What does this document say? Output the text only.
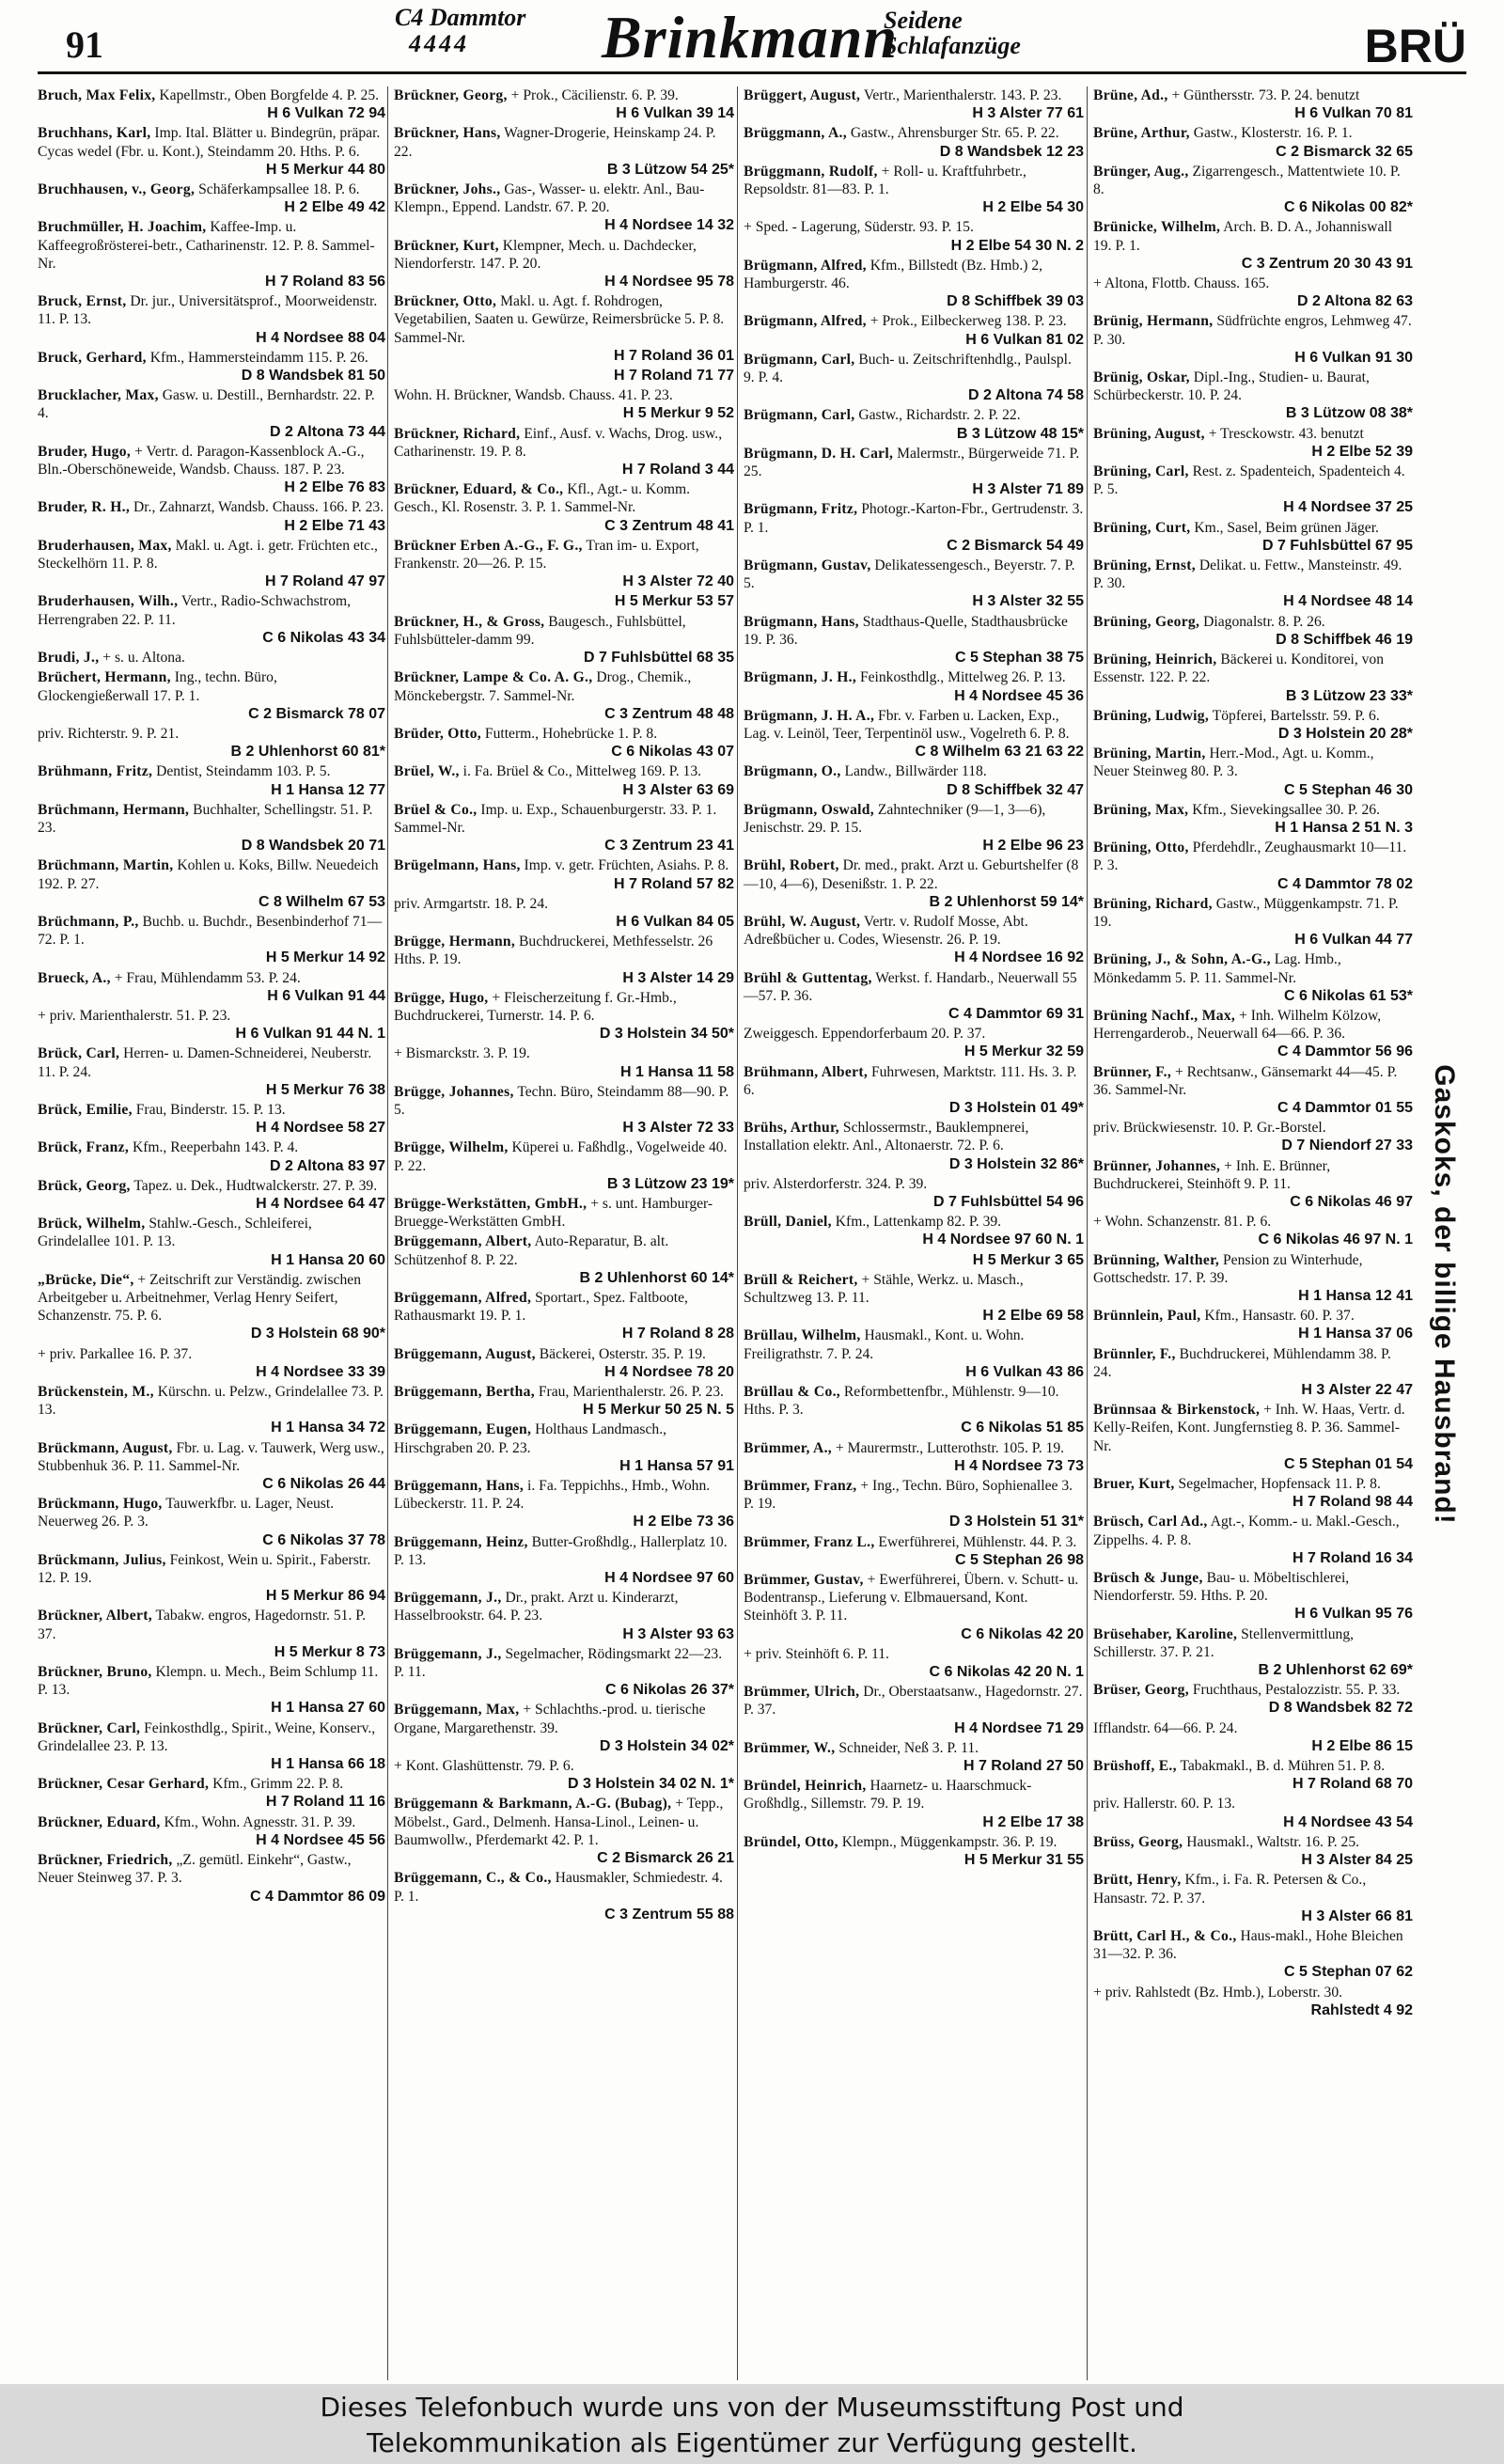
91
C4 Dammtor
4444 Brinkmann
Seidene
Schlafanzüge	BRÜ
Bruch, Max Felix, Kapellmstr., Oben Borgfelde 4. P. 25.
H 6 Vulkan 72 94
Bruchhans, Karl, Imp. Ital. Blätter u. Bindegrün, präpar. Cycas wedel (Fbr. u. Kont.), Steindamm 20. Hths. P. 6.
H 5 Merkur 44 80
Bruchhausen, v., Georg, Schäferkampsallee 18. P. 6.
H 2 Elbe 49 42
Bruchmüller, H. Joachim, Kaffee-Imp. u. Kaffeegroßrösterei-betr., Catharinenstr. 12. P. 8. Sammel-Nr.
H 7 Roland 83 56
Bruck, Ernst, Dr. jur., Universitätsprof., Moorweidenstr. 11. P. 13.
H 4 Nordsee 88 04
Bruck, Gerhard, Kfm., Hammersteindamm 115. P. 26.
D 8 Wandsbek 81 50
Brucklacher, Max, Gasw. u. Destill., Bernhardstr. 22. P. 4.
D 2 Altona 73 44
Bruder, Hugo, + Vertr. d. Paragon-Kassenblock A.-G., Bln.-Oberschöneweide, Wandsb. Chauss. 187. P. 23.
H 2 Elbe 76 83
Bruder, R. H., Dr., Zahnarzt, Wandsb. Chauss. 166. P. 23.
H 2 Elbe 71 43
Bruderhausen, Max, Makl. u. Agt. i. getr. Früchten etc., Steckelhörn 11. P. 8.
H 7 Roland 47 97
Bruderhausen, Wilh., Vertr., Radio-Schwachstrom, Herrengraben 22. P. 11.
C 6 Nikolas 43 34
Brudi, J., + s. u. Altona.
Brüchert, Hermann, Ing., techn. Büro, Glockengießerwall 17. P. 1.
C 2 Bismarck 78 07
priv. Richterstr. 9. P. 21.
B 2 Uhlenhorst 60 81*
Brühmann, Fritz, Dentist, Steindamm 103. P. 5.
H 1 Hansa 12 77
Brüchmann, Hermann, Buchhalter, Schellingstr. 51. P. 23.
D 8 Wandsbek 20 71
Brüchmann, Martin, Kohlen u. Koks, Billw. Neuedeich 192. P. 27.
C 8 Wilhelm 67 53
Brüchmann, P., Buchb. u. Buchdr., Besenbinderhof 71—72. P. 1.
H 5 Merkur 14 92
Brueck, A., + Frau, Mühlendamm 53. P. 24.
H 6 Vulkan 91 44
+ priv. Marienthalerstr. 51. P. 23.
H 6 Vulkan 91 44 N. 1
Brück, Carl, Herren- u. Damen-Schneiderei, Neuberstr. 11. P. 24.
H 5 Merkur 76 38
Brück, Emilie, Frau, Binderstr. 15. P. 13.
H 4 Nordsee 58 27
Brück, Franz, Kfm., Reeperbahn 143. P. 4.
D 2 Altona 83 97
Brück, Georg, Tapez. u. Dek., Hudtwalckerstr. 27. P. 39.
H 4 Nordsee 64 47
Brück, Wilhelm, Stahlw.-Gesch., Schleiferei, Grindelallee 101. P. 13.
H 1 Hansa 20 60
„Brücke, Die“, + Zeitschrift zur Verständig. zwischen Arbeitgeber u. Arbeitnehmer, Verlag Henry Seifert, Schanzenstr. 75. P. 6.
D 3 Holstein 68 90*
+ priv. Parkallee 16. P. 37.
H 4 Nordsee 33 39
Brückenstein, M., Kürschn. u. Pelzw., Grindelallee 73. P. 13.
H 1 Hansa 34 72
Brückmann, August, Fbr. u. Lag. v. Tauwerk, Werg usw., Stubbenhuk 36. P. 11. Sammel-Nr.
C 6 Nikolas 26 44
Brückmann, Hugo, Tauwerkfbr. u. Lager, Neust. Neuerweg 26. P. 3.
C 6 Nikolas 37 78
Brückmann, Julius, Feinkost, Wein u. Spirit., Faberstr. 12. P. 19.
H 5 Merkur 86 94
Brückner, Albert, Tabakw. engros, Hagedornstr. 51. P. 37.
H 5 Merkur 8 73
Brückner, Bruno, Klempn. u. Mech., Beim Schlump 11. P. 13.
H 1 Hansa 27 60
Brückner, Carl, Feinkosthdlg., Spirit., Weine, Konserv., Grindelallee 23. P. 13.
H 1 Hansa 66 18
Brückner, Cesar Gerhard, Kfm., Grimm 22. P. 8.
H 7 Roland 11 16
Brückner, Eduard, Kfm., Wohn. Agnesstr. 31. P. 39.
H 4 Nordsee 45 56
Brückner, Friedrich, „Z. gemütl. Einkehr“, Gastw., Neuer Steinweg 37. P. 3.
C 4 Dammtor 86 09
Brückner, Georg, + Prok., Cäcilienstr. 6. P. 39.
H 6 Vulkan 39 14
Brückner, Hans, Wagner-Drogerie, Heinskamp 24. P. 22.
B 3 Lützow 54 25*
Brückner, Johs., Gas-, Wasser- u. elektr. Anl., Bau-Klempn., Eppend. Landstr. 67. P. 20.
H 4 Nordsee 14 32
Brückner, Kurt, Klempner, Mech. u. Dachdecker, Niendorferstr. 147. P. 20.
H 4 Nordsee 95 78
Brückner, Otto, Makl. u. Agt. f. Rohdrogen, Vegetabilien, Saaten u. Gewürze, Reimersbrücke 5. P. 8. Sammel-Nr.
H 7 Roland 36 01
H 7 Roland 71 77
Wohn. H. Brückner, Wandsb. Chauss. 41. P. 23.
H 5 Merkur 9 52
Brückner, Richard, Einf., Ausf. v. Wachs, Drog. usw., Catharinenstr. 19. P. 8.
H 7 Roland 3 44
Brückner, Eduard, & Co., Kfl., Agt.- u. Komm. Gesch., Kl. Rosenstr. 3. P. 1. Sammel-Nr.
C 3 Zentrum 48 41
Brückner Erben A.-G., F. G., Tran im- u. Export, Frankenstr. 20—26. P. 15.
H 3 Alster 72 40
H 5 Merkur 53 57
Brückner, H., & Gross, Baugesch., Fuhlsbüttel, Fuhlsbütteler-damm 99.
D 7 Fuhlsbüttel 68 35
Brückner, Lampe & Co. A. G., Drog., Chemik., Mönckebergstr. 7. Sammel-Nr.
C 3 Zentrum 48 48
Brüder, Otto, Futterm., Hohebrücke 1. P. 8.
C 6 Nikolas 43 07
Brüel, W., i. Fa. Brüel & Co., Mittelweg 169. P. 13.
H 3 Alster 63 69
Brüel & Co., Imp. u. Exp., Schauenburgerstr. 33. P. 1. Sammel-Nr.
C 3 Zentrum 23 41
Brügelmann, Hans, Imp. v. getr. Früchten, Asiahs. P. 8.
H 7 Roland 57 82
priv. Armgartstr. 18. P. 24.
H 6 Vulkan 84 05
Brügge, Hermann, Buchdruckerei, Methfesselstr. 26 Hths. P. 19.
H 3 Alster 14 29
Brügge, Hugo, + Fleischerzeitung f. Gr.-Hmb., Buchdruckerei, Turnerstr. 14. P. 6.
D 3 Holstein 34 50*
+ Bismarckstr. 3. P. 19.
H 1 Hansa 11 58
Brügge, Johannes, Techn. Büro, Steindamm 88—90. P. 5.
H 3 Alster 72 33
Brügge, Wilhelm, Küperei u. Faßhdlg., Vogelweide 40. P. 22.
B 3 Lützow 23 19*
Brügge-Werkstätten, GmbH., + s. unt. Hamburger-Bruegge-Werkstätten GmbH.
Brüggemann, Albert, Auto-Reparatur, B. alt. Schützenhof 8. P. 22.
B 2 Uhlenhorst 60 14*
Brüggemann, Alfred, Sportart., Spez. Faltboote, Rathausmarkt 19. P. 1.
H 7 Roland 8 28
Brüggemann, August, Bäckerei, Osterstr. 35. P. 19.
H 4 Nordsee 78 20
Brüggemann, Bertha, Frau, Marienthalerstr. 26. P. 23.
H 5 Merkur 50 25 N. 5
Brüggemann, Eugen, Holthaus Landmasch., Hirschgraben 20. P. 23.
H 1 Hansa 57 91
Brüggemann, Hans, i. Fa. Teppichhs., Hmb., Wohn. Lübeckerstr. 11. P. 24.
H 2 Elbe 73 36
Brüggemann, Heinz, Butter-Großhdlg., Hallerplatz 10. P. 13.
H 4 Nordsee 97 60
Brüggemann, J., Dr., prakt. Arzt u. Kinderarzt, Hasselbrookstr. 64. P. 23.
H 3 Alster 93 63
Brüggemann, J., Segelmacher, Rödingsmarkt 22—23. P. 11.
C 6 Nikolas 26 37*
Brüggemann, Max, + Schlachths.-prod. u. tierische Organe, Margarethenstr. 39.
D 3 Holstein 34 02*
+ Kont. Glashüttenstr. 79. P. 6.
D 3 Holstein 34 02 N. 1*
Brüggemann & Barkmann, A.-G. (Bubag), + Tepp., Möbelst., Gard., Delmenh. Hansa-Linol., Leinen- u. Baumwollw., Pferdemarkt 42. P. 1.
C 2 Bismarck 26 21
Brüggemann, C., & Co., Hausmakler, Schmiedestr. 4. P. 1.
C 3 Zentrum 55 88
Brüggert, August, Vertr., Marienthalerstr. 143. P. 23.
H 3 Alster 77 61
Brüggmann, A., Gastw., Ahrensburger Str. 65. P. 22.
D 8 Wandsbek 12 23
Brüggmann, Rudolf, + Roll- u. Kraftfuhrbetr., Repsoldstr. 81—83. P. 1.
H 2 Elbe 54 30
+ Sped. - Lagerung, Süderstr. 93. P. 15.
H 2 Elbe 54 30 N. 2
Brügmann, Alfred, Kfm., Billstedt (Bz. Hmb.) 2, Hamburgerstr. 46.
D 8 Schiffbek 39 03
Brügmann, Alfred, + Prok., Eilbeckerweg 138. P. 23.
H 6 Vulkan 81 02
Brügmann, Carl, Buch- u. Zeitschriftenhdlg., Paulspl. 9. P. 4.
D 2 Altona 74 58
Brügmann, Carl, Gastw., Richardstr. 2. P. 22.
B 3 Lützow 48 15*
Brügmann, D. H. Carl, Malermstr., Bürgerweide 71. P. 25.
H 3 Alster 71 89
Brügmann, Fritz, Photogr.-Karton-Fbr., Gertrudenstr. 3. P. 1.
C 2 Bismarck 54 49
Brügmann, Gustav, Delikatessengesch., Beyerstr. 7. P. 5.
H 3 Alster 32 55
Brügmann, Hans, Stadthaus-Quelle, Stadthausbrücke 19. P. 36.
C 5 Stephan 38 75
Brügmann, J. H., Feinkosthdlg., Mittelweg 26. P. 13.
H 4 Nordsee 45 36
Brügmann, J. H. A., Fbr. v. Farben u. Lacken, Exp., Lag. v. Leinöl, Teer, Terpentinöl usw., Vogelreth 6. P. 8.
C 8 Wilhelm 63 21 63 22
Brügmann, O., Landw., Billwärder 118.
D 8 Schiffbek 32 47
Brügmann, Oswald, Zahntechniker (9—1, 3—6), Jenischstr. 29. P. 15.
H 2 Elbe 96 23
Brühl, Robert, Dr. med., prakt. Arzt u. Geburtshelfer (8—10, 4—6), Desenißstr. 1. P. 22.
B 2 Uhlenhorst 59 14*
Brühl, W. August, Vertr. v. Rudolf Mosse, Abt. Adreßbücher u. Codes, Wiesenstr. 26. P. 19.
H 4 Nordsee 16 92
Brühl & Guttentag, Werkst. f. Handarb., Neuerwall 55—57. P. 36.
C 4 Dammtor 69 31
Zweiggesch. Eppendorferbaum 20. P. 37.
H 5 Merkur 32 59
Brühmann, Albert, Fuhrwesen, Marktstr. 111. Hs. 3. P. 6.
D 3 Holstein 01 49*
Brühs, Arthur, Schlossermstr., Bauklempnerei, Installation elektr. Anl., Altonaerstr. 72. P. 6.
D 3 Holstein 32 86*
priv. Alsterdorferstr. 324. P. 39.
D 7 Fuhlsbüttel 54 96
Brüll, Daniel, Kfm., Lattenkamp 82. P. 39.
H 4 Nordsee 97 60 N. 1
H 5 Merkur 3 65
Brüll & Reichert, + Stähle, Werkz. u. Masch., Schultzweg 13. P. 11.
H 2 Elbe 69 58
Brüllau, Wilhelm, Hausmakl., Kont. u. Wohn. Freiligrathstr. 7. P. 24.
H 6 Vulkan 43 86
Brüllau & Co., Reformbettenfbr., Mühlenstr. 9—10. Hths. P. 3.
C 6 Nikolas 51 85
Brümmer, A., + Maurermstr., Lutterothstr. 105. P. 19.
H 4 Nordsee 73 73
Brümmer, Franz, + Ing., Techn. Büro, Sophienallee 3. P. 19.
D 3 Holstein 51 31*
Brümmer, Franz L., Ewerführerei, Mühlenstr. 44. P. 3.
C 5 Stephan 26 98
Brümmer, Gustav, + Ewerführerei, Übern. v. Schutt- u. Bodentransp., Lieferung v. Elbmauersand, Kont. Steinhöft 3. P. 11.
C 6 Nikolas 42 20
+ priv. Steinhöft 6. P. 11.
C 6 Nikolas 42 20 N. 1
Brümmer, Ulrich, Dr., Oberstaatsanw., Hagedornstr. 27. P. 37.
H 4 Nordsee 71 29
Brümmer, W., Schneider, Neß 3. P. 11.
H 7 Roland 27 50
Bründel, Heinrich, Haarnetz- u. Haarschmuck-Großhdlg., Sillemstr. 79. P. 19.
H 2 Elbe 17 38
Bründel, Otto, Klempn., Müggenkampstr. 36. P. 19.
H 5 Merkur 31 55
Brüne, Ad., + Günthersstr. 73. P. 24. benutzt
H 6 Vulkan 70 81
Brüne, Arthur, Gastw., Klosterstr. 16. P. 1.
C 2 Bismarck 32 65
Brünger, Aug., Zigarrengesch., Mattentwiete 10. P. 8.
C 6 Nikolas 00 82*
Brünicke, Wilhelm, Arch. B. D. A., Johanniswall 19. P. 1.
C 3 Zentrum 20 30 43 91
+ Altona, Flottb. Chauss. 165.
D 2 Altona 82 63
Brünig, Hermann, Südfrüchte engros, Lehmweg 47. P. 30.
H 6 Vulkan 91 30
Brünig, Oskar, Dipl.-Ing., Studien- u. Baurat, Schürbeckerstr. 10. P. 24.
B 3 Lützow 08 38*
Brüning, August, + Tresckowstr. 43. benutzt
H 2 Elbe 52 39
Brüning, Carl, Rest. z. Spadenteich, Spadenteich 4. P. 5.
H 4 Nordsee 37 25
Brüning, Curt, Km., Sasel, Beim grünen Jäger.
D 7 Fuhlsbüttel 67 95
Brüning, Ernst, Delikat. u. Fettw., Mansteinstr. 49. P. 30.
H 4 Nordsee 48 14
Brüning, Georg, Diagonalstr. 8. P. 26.
D 8 Schiffbek 46 19
Brüning, Heinrich, Bäckerei u. Konditorei, von Essenstr. 122. P. 22.
B 3 Lützow 23 33*
Brüning, Ludwig, Töpferei, Bartelsstr. 59. P. 6.
D 3 Holstein 20 28*
Brüning, Martin, Herr.-Mod., Agt. u. Komm., Neuer Steinweg 80. P. 3.
C 5 Stephan 46 30
Brüning, Max, Kfm., Sievekingsallee 30. P. 26.
H 1 Hansa 2 51 N. 3
Brüning, Otto, Pferdehdlr., Zeughausmarkt 10—11. P. 3.
C 4 Dammtor 78 02
Brüning, Richard, Gastw., Müggenkampstr. 71. P. 19.
H 6 Vulkan 44 77
Brüning, J., & Sohn, A.-G., Lag. Hmb., Mönkedamm 5. P. 11. Sammel-Nr.
C 6 Nikolas 61 53*
Brüning Nachf., Max, + Inh. Wilhelm Kölzow, Herrengarderob., Neuerwall 64—66. P. 36.
C 4 Dammtor 56 96
Brünner, F., + Rechtsanw., Gänsemarkt 44—45. P. 36. Sammel-Nr.
C 4 Dammtor 01 55
priv. Brückwiesenstr. 10. P. Gr.-Borstel.
D 7 Niendorf 27 33
Brünner, Johannes, + Inh. E. Brünner, Buchdruckerei, Steinhöft 9. P. 11.
C 6 Nikolas 46 97
+ Wohn. Schanzenstr. 81. P. 6.
C 6 Nikolas 46 97 N. 1
Brünning, Walther, Pension zu Winterhude, Gottschedstr. 17. P. 39.
H 1 Hansa 12 41
Brünnlein, Paul, Kfm., Hansastr. 60. P. 37.
H 1 Hansa 37 06
Brünnler, F., Buchdruckerei, Mühlendamm 38. P. 24.
H 3 Alster 22 47
Brünnsaa & Birkenstock, + Inh. W. Haas, Vertr. d. Kelly-Reifen, Kont. Jungfernstieg 8. P. 36. Sammel-Nr.
C 5 Stephan 01 54
Bruer, Kurt, Segelmacher, Hopfensack 11. P. 8.
H 7 Roland 98 44
Brüsch, Carl Ad., Agt.-, Komm.- u. Makl.-Gesch., Zippelhs. 4. P. 8.
H 7 Roland 16 34
Brüsch & Junge, Bau- u. Möbeltischlerei, Niendorferstr. 59. Hths. P. 20.
H 6 Vulkan 95 76
Brüsehaber, Karoline, Stellenvermittlung, Schillerstr. 37. P. 21.
B 2 Uhlenhorst 62 69*
Brüser, Georg, Fruchthaus, Pestalozzistr. 55. P. 33.
D 8 Wandsbek 82 72
Ifflandstr. 64—66. P. 24.
H 2 Elbe 86 15
Brüshoff, E., Tabakmakl., B. d. Mühren 51. P. 8.
H 7 Roland 68 70
priv. Hallerstr. 60. P. 13.
H 4 Nordsee 43 54
Brüss, Georg, Hausmakl., Waltstr. 16. P. 25.
H 3 Alster 84 25
Brütt, Henry, Kfm., i. Fa. R. Petersen & Co., Hansastr. 72. P. 37.
H 3 Alster 66 81
Brütt, Carl H., & Co., Haus-makl., Hohe Bleichen 31—32. P. 36.
C 5 Stephan 07 62
+ priv. Rahlstedt (Bz. Hmb.), Loberstr. 30.
Rahlstedt 4 92
Gaskoks, der billige Hausbrand!
Dieses Telefonbuch wurde uns von der Museumsstiftung Post und
Telekommunikation als Eigentümer zur Verfügung gestellt.
